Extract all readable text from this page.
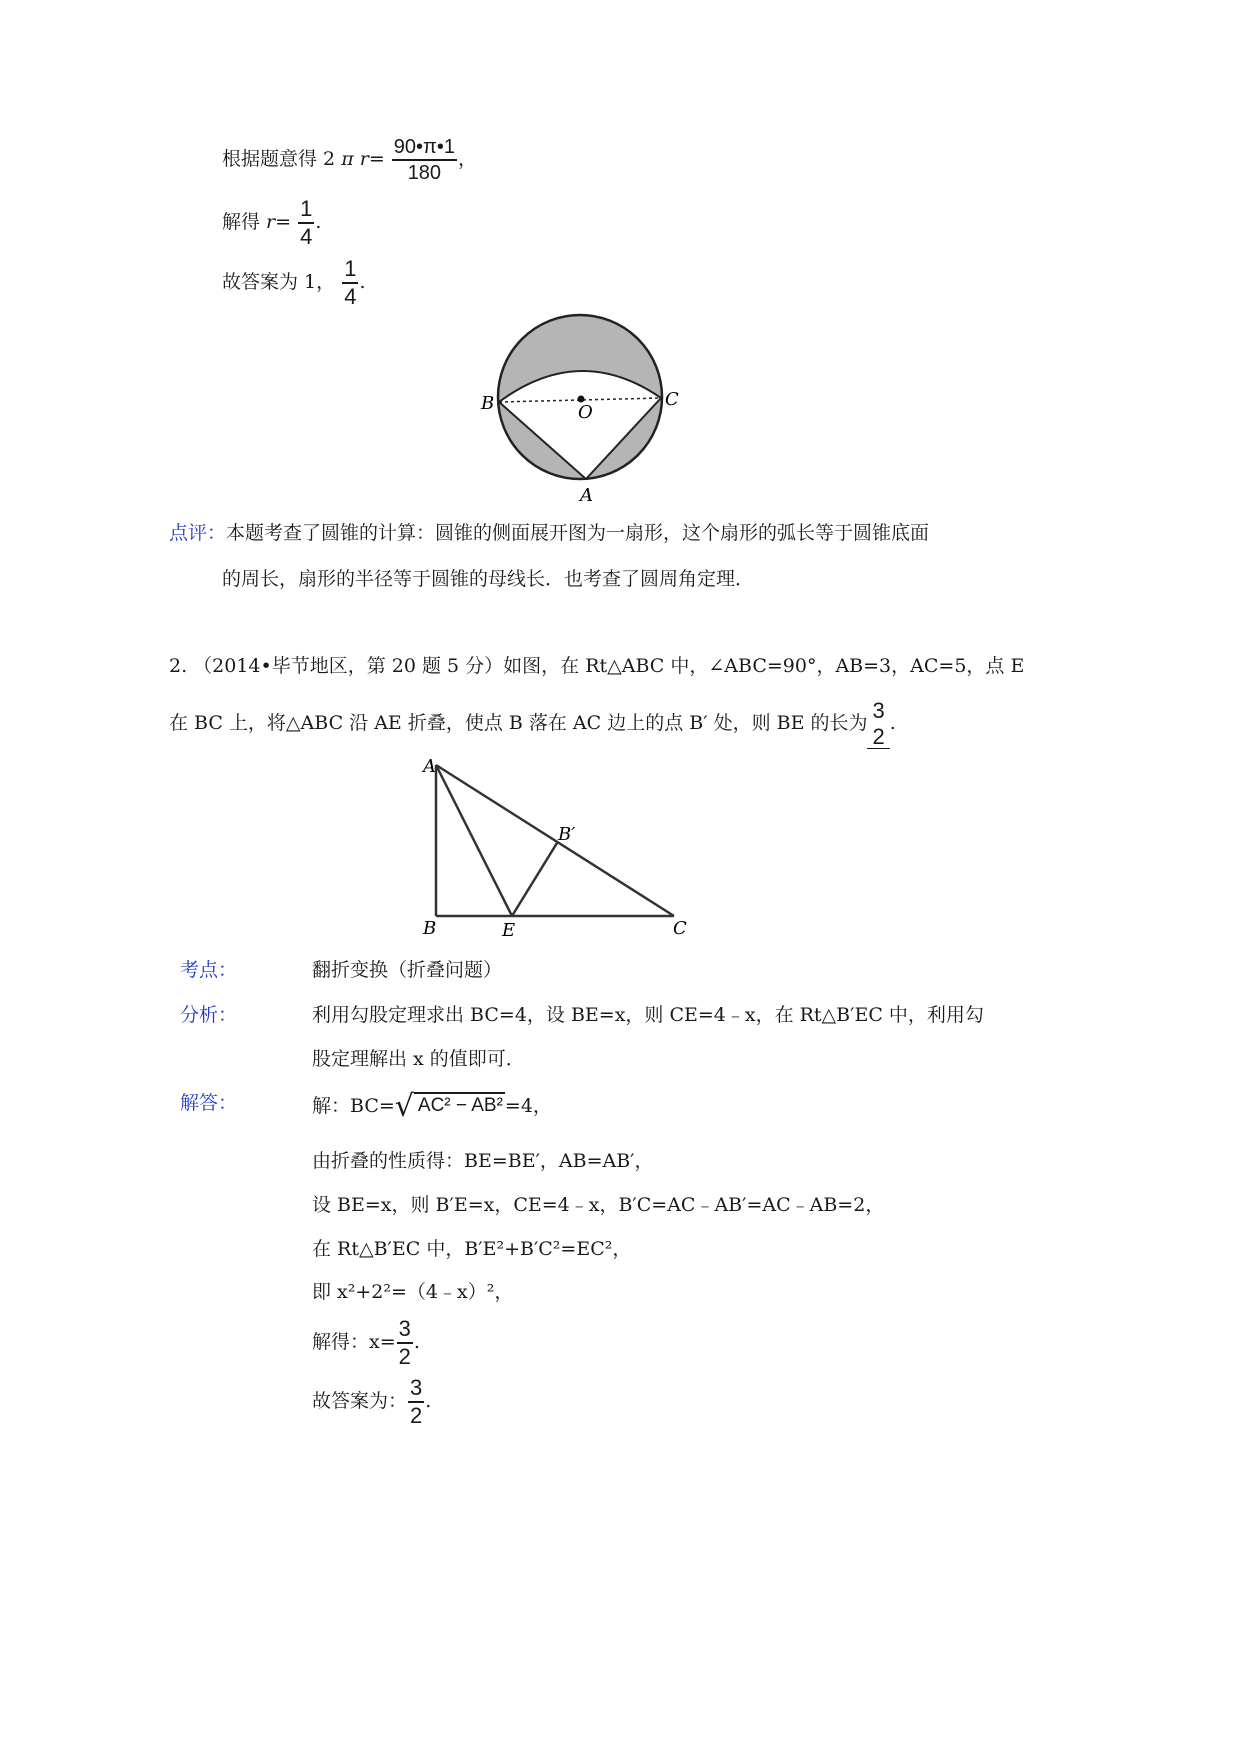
根据题意得 2 π $r= \frac{90•\pi•1}{180}$ ，
解得 $r= \frac{1}{4}$ .
故答案为 1， $\frac{1}{4}$ .
B	O
C
A
点评：本题考查了圆锥的计算：圆锥的侧面展开图为一扇形，这个扇形的弧长等于圆锥底面
的周长，扇形的半径等于圆锥的母线长．也考查了圆周角定理．
2. （2014•毕节地区，第 20 题 5 分）如图，在 Rt△ABC 中，∠ABC=90°，AB=3，AC=5，点 E
在 BC 上，将△ABC 沿 AE 折叠，使点 B 落在 AC 边上的点 B′ 处，则 BE 的长为 3
2
.
A
B′
B	E	C
考点：	翻折变换（折叠问题）
分析：	利用勾股定理求出 BC=4，设 BE=x，则 CE=4﹣x，在 Rt△B′EC 中，利用勾
股定理解出 x 的值即可．
解答：	解：BC=√ AC² − AB² =4，
由折叠的性质得：BE=BE′，AB=AB′，
设 BE=x，则 B′E=x，CE=4﹣x，B′C=AC﹣AB′=AC﹣AB=2，
在 Rt△B′EC 中，B′E²+B′C²=EC²，
即 x²+2²=（4﹣x）²，
解得：$x= \frac{3}{2}$ .
故答案为： $\frac{3}{2}$ .
